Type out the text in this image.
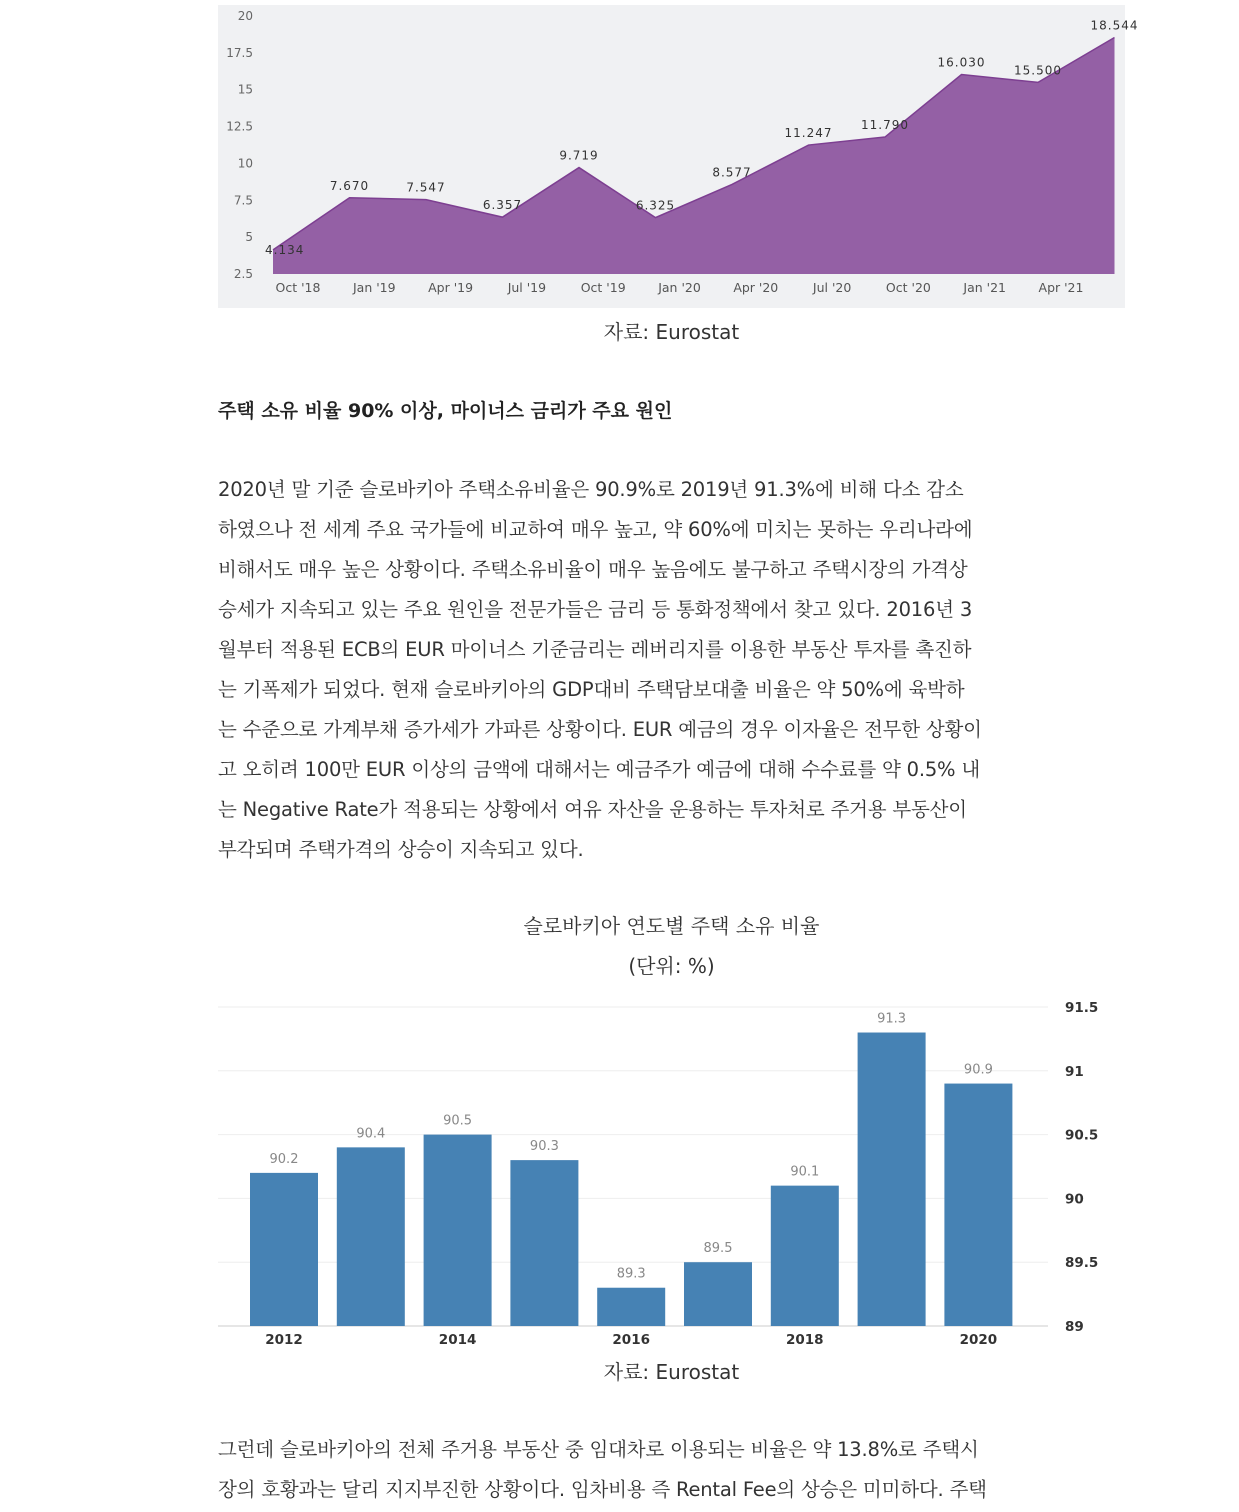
20
17.5
15
12.5
10
7.5
5
2.5
4.134
7.670	7.547
6.357
9.719
6.325
8.577
11.247
11.790
16.030
15.500
18.544
Oct '18	Jan '19	Apr '19	Jul '19	Oct '19	Jan '20	Apr '20	Jul '20	Oct '20	Jan '21	Apr '21
자료: Eurostat
주택 소유 비율 90% 이상, 마이너스 금리가 주요 원인
2020년 말 기준 슬로바키아 주택소유비율은 90.9%로 2019년 91.3%에 비해 다소 감소
하였으나 전 세계 주요 국가들에 비교하여 매우 높고, 약 60%에 미치는 못하는 우리나라에
비해서도 매우 높은 상황이다. 주택소유비율이 매우 높음에도 불구하고 주택시장의 가격상
승세가 지속되고 있는 주요 원인을 전문가들은 금리 등 통화정책에서 찾고 있다. 2016년 3
월부터 적용된 ECB의 EUR 마이너스 기준금리는 레버리지를 이용한 부동산 투자를 촉진하
는 기폭제가 되었다. 현재 슬로바키아의 GDP대비 주택담보대출 비율은 약 50%에 육박하
는 수준으로 가계부채 증가세가 가파른 상황이다. EUR 예금의 경우 이자율은 전무한 상황이
고 오히려 100만 EUR 이상의 금액에 대해서는 예금주가 예금에 대해 수수료를 약 0.5% 내
는 Negative Rate가 적용되는 상황에서 여유 자산을 운용하는 투자처로 주거용 부동산이
부각되며 주택가격의 상승이 지속되고 있다.
슬로바키아 연도별 주택 소유 비율
(단위: %)
91.5
91
90.5
90
89.5
89
90.2
2012
90.4
90.5
2014
90.3
89.3
2016
89.5
90.1
2018
91.3
90.9
2020
자료: Eurostat
그런데 슬로바키아의 전체 주거용 부동산 중 임대차로 이용되는 비율은 약 13.8%로 주택시
장의 호황과는 달리 지지부진한 상황이다. 임차비용 즉 Rental Fee의 상승은 미미하다. 주택
